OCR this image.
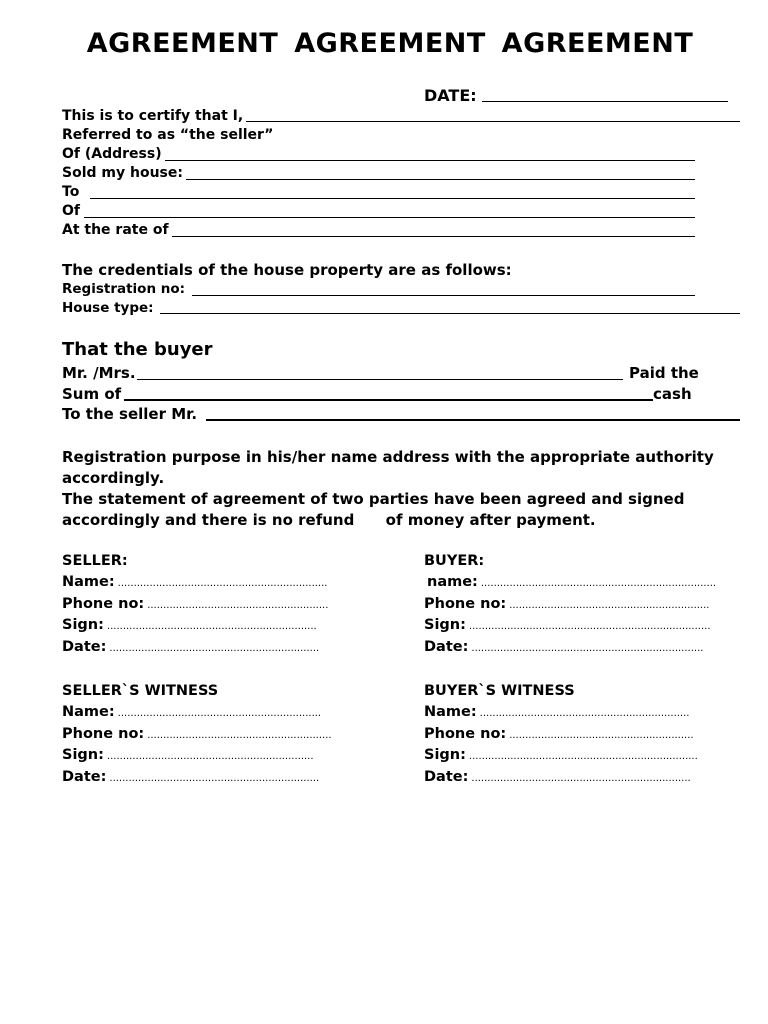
AGREEMENT AGREEMENT AGREEMENT
DATE:
This is to certify that I,
Referred to as “the seller”
Of (Address)
Sold my house:
To
Of
At the rate of
The credentials of the house property are as follows:
Registration no:
House type:
That the buyer
Mr. /Mrs.	Paid the
Sum of	cash
To the seller Mr.
Registration purpose in his/her name address with the appropriate authority
accordingly.
The statement of agreement of two parties have been agreed and signed
accordingly and there is no refund      of money after payment.
SELLER:
Name: ..................................................................
Phone no: .........................................................
Sign: ..................................................................
Date: ..................................................................
BUYER:
name: ..........................................................................
Phone no: ...............................................................
Sign: ............................................................................
Date: .........................................................................
SELLER`S WITNESS
Name: ................................................................
Phone no: ..........................................................
Sign: .................................................................
Date: ..................................................................
BUYER`S WITNESS
Name: ..................................................................
Phone no: ..........................................................
Sign: ........................................................................
Date: .....................................................................
